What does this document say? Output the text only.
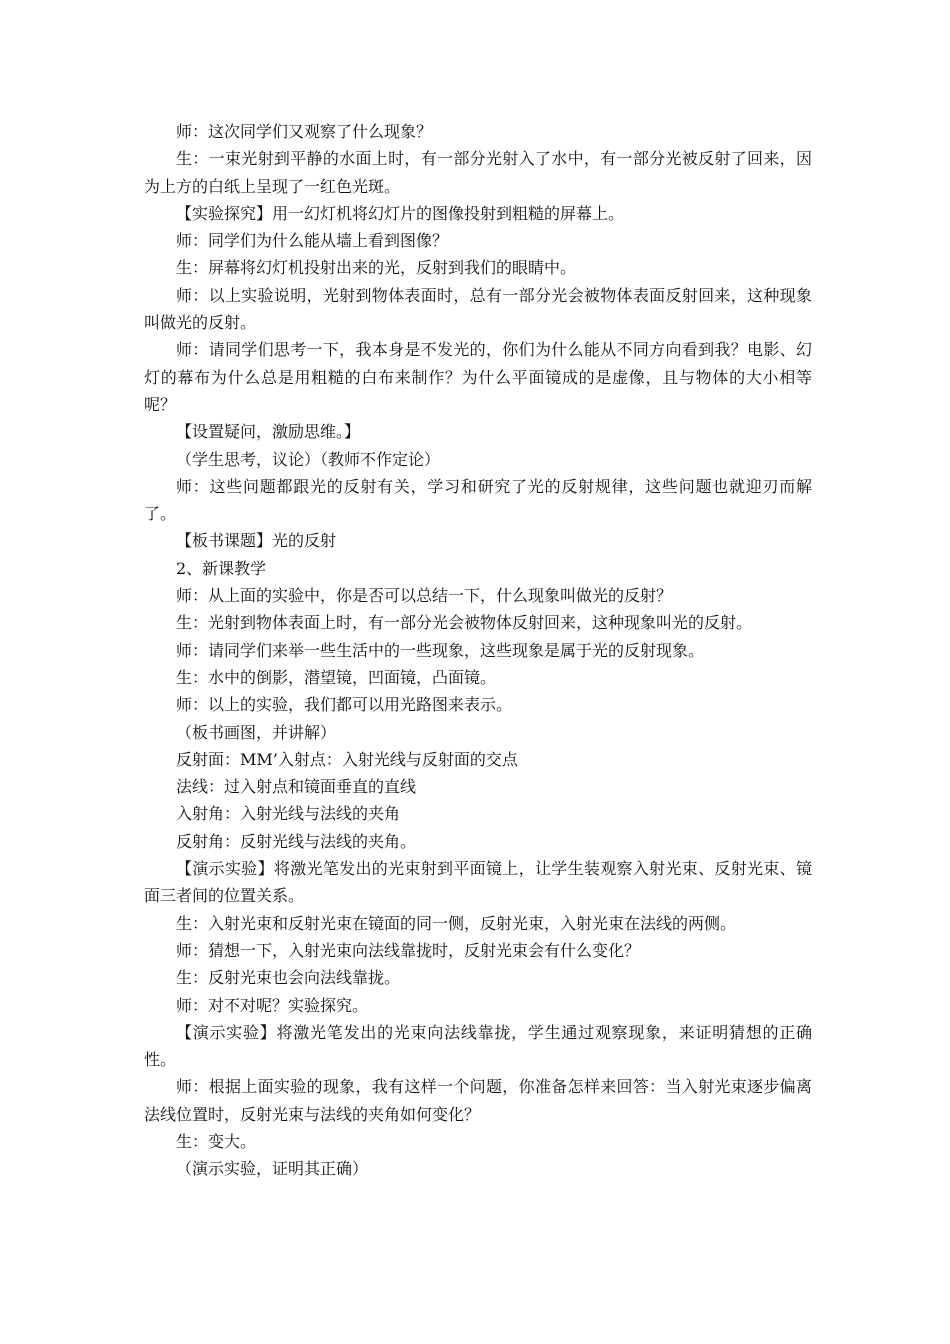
师：这次同学们又观察了什么现象？

生：一束光射到平静的水面上时，有一部分光射入了水中，有一部分光被反射了回来，因为上方的白纸上呈现了一红色光斑。

【实验探究】用一幻灯机将幻灯片的图像投射到粗糙的屏幕上。

师：同学们为什么能从墙上看到图像？

生：屏幕将幻灯机投射出来的光，反射到我们的眼睛中。

师：以上实验说明，光射到物体表面时，总有一部分光会被物体表面反射回来，这种现象叫做光的反射。

师：请同学们思考一下，我本身是不发光的，你们为什么能从不同方向看到我？电影、幻灯的幕布为什么总是用粗糙的白布来制作？为什么平面镜成的是虚像，且与物体的大小相等呢？

【设置疑问，激励思维。】

（学生思考，议论）（教师不作定论）

师：这些问题都跟光的反射有关，学习和研究了光的反射规律，这些问题也就迎刃而解了。

【板书课题】光的反射

2、新课教学

师：从上面的实验中，你是否可以总结一下，什么现象叫做光的反射？

生：光射到物体表面上时，有一部分光会被物体反射回来，这种现象叫光的反射。

师：请同学们来举一些生活中的一些现象，这些现象是属于光的反射现象。

生：水中的倒影，潜望镜，凹面镜，凸面镜。

师：以上的实验，我们都可以用光路图来表示。

（板书画图，并讲解）

反射面：MM’入射点：入射光线与反射面的交点

法线：过入射点和镜面垂直的直线

入射角：入射光线与法线的夹角

反射角：反射光线与法线的夹角。

【演示实验】将激光笔发出的光束射到平面镜上，让学生装观察入射光束、反射光束、镜面三者间的位置关系。

生：入射光束和反射光束在镜面的同一侧，反射光束，入射光束在法线的两侧。

师：猜想一下，入射光束向法线靠拢时，反射光束会有什么变化？

生：反射光束也会向法线靠拢。

师：对不对呢？实验探究。

【演示实验】将激光笔发出的光束向法线靠拢，学生通过观察现象，来证明猜想的正确性。

师：根据上面实验的现象，我有这样一个问题，你准备怎样来回答：当入射光束逐步偏离法线位置时，反射光束与法线的夹角如何变化？

生：变大。

（演示实验，证明其正确）
